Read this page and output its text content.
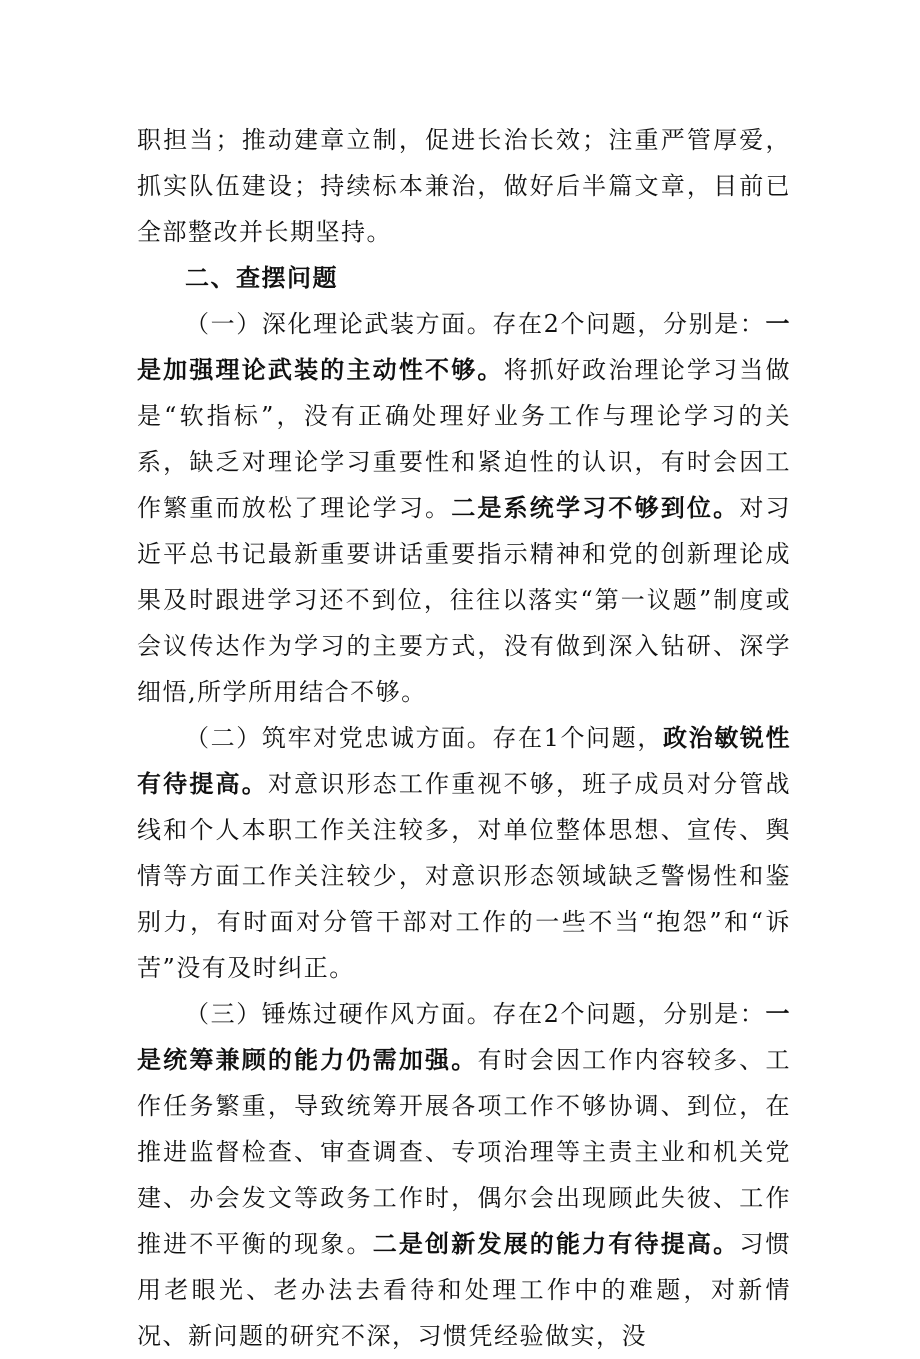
职担当；推动建章立制，促进长治长效；注重严管厚爱，抓实队伍建设；持续标本兼治，做好后半篇文章，目前已全部整改并长期坚持。

二、查摆问题

（一）深化理论武装方面。存在2个问题，分别是：一是加强理论武装的主动性不够。将抓好政治理论学习当做是“软指标”，没有正确处理好业务工作与理论学习的关系，缺乏对理论学习重要性和紧迫性的认识，有时会因工作繁重而放松了理论学习。二是系统学习不够到位。对习近平总书记最新重要讲话重要指示精神和党的创新理论成果及时跟进学习还不到位，往往以落实“第一议题”制度或会议传达作为学习的主要方式，没有做到深入钻研、深学细悟,所学所用结合不够。

（二）筑牢对党忠诚方面。存在1个问题，政治敏锐性有待提高。对意识形态工作重视不够，班子成员对分管战线和个人本职工作关注较多，对单位整体思想、宣传、舆情等方面工作关注较少，对意识形态领域缺乏警惕性和鉴别力，有时面对分管干部对工作的一些不当“抱怨”和“诉苦”没有及时纠正。

（三）锤炼过硬作风方面。存在2个问题，分别是：一是统筹兼顾的能力仍需加强。有时会因工作内容较多、工作任务繁重，导致统筹开展各项工作不够协调、到位，在推进监督检查、审查调查、专项治理等主责主业和机关党建、办会发文等政务工作时，偶尔会出现顾此失彼、工作推进不平衡的现象。二是创新发展的能力有待提高。习惯用老眼光、老办法去看待和处理工作中的难题，对新情况、新问题的研究不深，习惯凭经验做实，没
